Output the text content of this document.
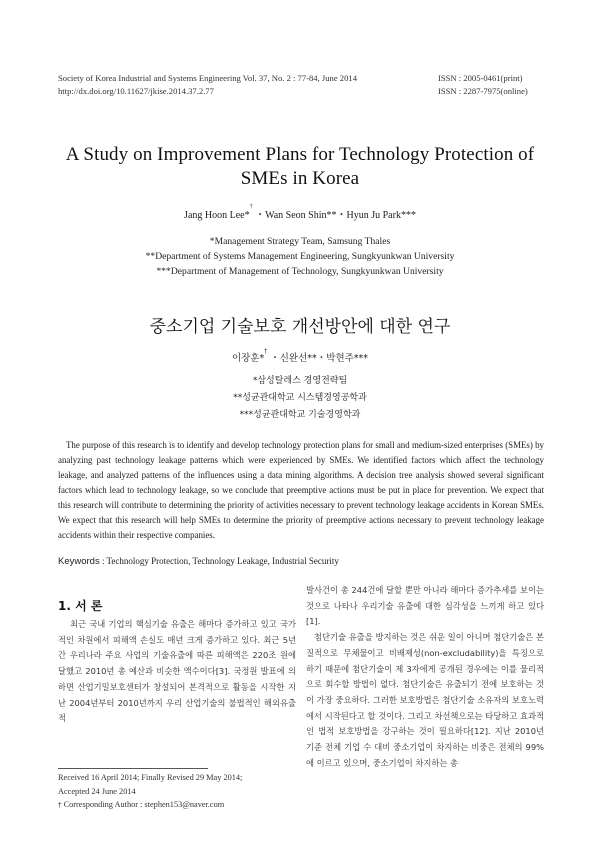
Society of Korea Industrial and Systems Engineering Vol. 37, No. 2 : 77-84, June 2014
http://dx.doi.org/10.11627/jkise.2014.37.2.77
ISSN : 2005-0461(print)
ISSN : 2287-7975(online)
A Study on Improvement Plans for Technology Protection of
SMEs in Korea
Jang Hoon Lee*† ・Wan Seon Shin**・Hyun Ju Park***
*Management Strategy Team, Samsung Thales
**Department of Systems Management Engineering, Sungkyunkwan University
***Department of Management of Technology, Sungkyunkwan University
중소기업 기술보호 개선방안에 대한 연구
이장훈*† ・신완선**・박현주***
*삼성탈레스 경영전략팀
**성균관대학교 시스템경영공학과
***성균관대학교 기술경영학과
The purpose of this research is to identify and develop technology protection plans for small and medium-sized enterprises (SMEs) by analyzing past technology leakage patterns which were experienced by SMEs. We identified factors which affect the technology leakage, and analyzed patterns of the influences using a data mining algorithms. A decision tree analysis showed several significant factors which lead to technology leakage, so we conclude that preemptive actions must be put in place for prevention. We expect that this research will contribute to determining the priority of activities necessary to prevent technology leakage accidents in Korean SMEs. We expect that this research will help SMEs to determine the priority of preemptive actions necessary to prevent technology leakage accidents within their respective companies.
Keywords : Technology Protection, Technology Leakage, Industrial Security
1. 서 론
최근 국내 기업의 핵심기술 유출은 해마다 증가하고 있고 국가적인 차원에서 피해액 손실도 매년 크게 증가하고 있다. 최근 5년간 우리나라 주요 사업의 기술유출에 따른 피해액은 220조 원에 달했고 2010년 총 예산과 비슷한 액수이다[3]. 국정원 발표에 의하면 산업기밀보호센터가 창설되어 본격적으로 활동을 시작한 지난 2004년부터 2010년까지 우리 산업기술의 불법적인 해외유출 적

발사건이 총 244건에 달할 뿐만 아니라 해마다 증가추세를 보이는 것으로 나타나 우리기술 유출에 대한 심각성을 느끼게 하고 있다[1].

첨단기술 유출을 방지하는 것은 쉬운 일이 아니며 첨단기술은 본질적으로 무체물이고 비배제성(non-excludability)을 특징으로 하기 때문에 첨단기술이 제 3자에게 공개된 경우에는 이를 물리적으로 회수할 방법이 없다. 첨단기술은 유출되기 전에 보호하는 것이 가장 중요하다. 그러한 보호방법은 첨단기술 소유자의 보호노력에서 시작된다고 할 것이다. 그리고 차선책으로는 타당하고 효과적인 법적 보호방법을 강구하는 것이 필요하다[12]. 지난 2010년 기준 전체 기업 수 대비 중소기업이 차지하는 비중은 전체의 99%에 이르고 있으며, 중소기업이 차지하는 총

Received 16 April 2014; Finally Revised 29 May 2014;
Accepted 24 June 2014
† Corresponding Author : stephen153@naver.com
